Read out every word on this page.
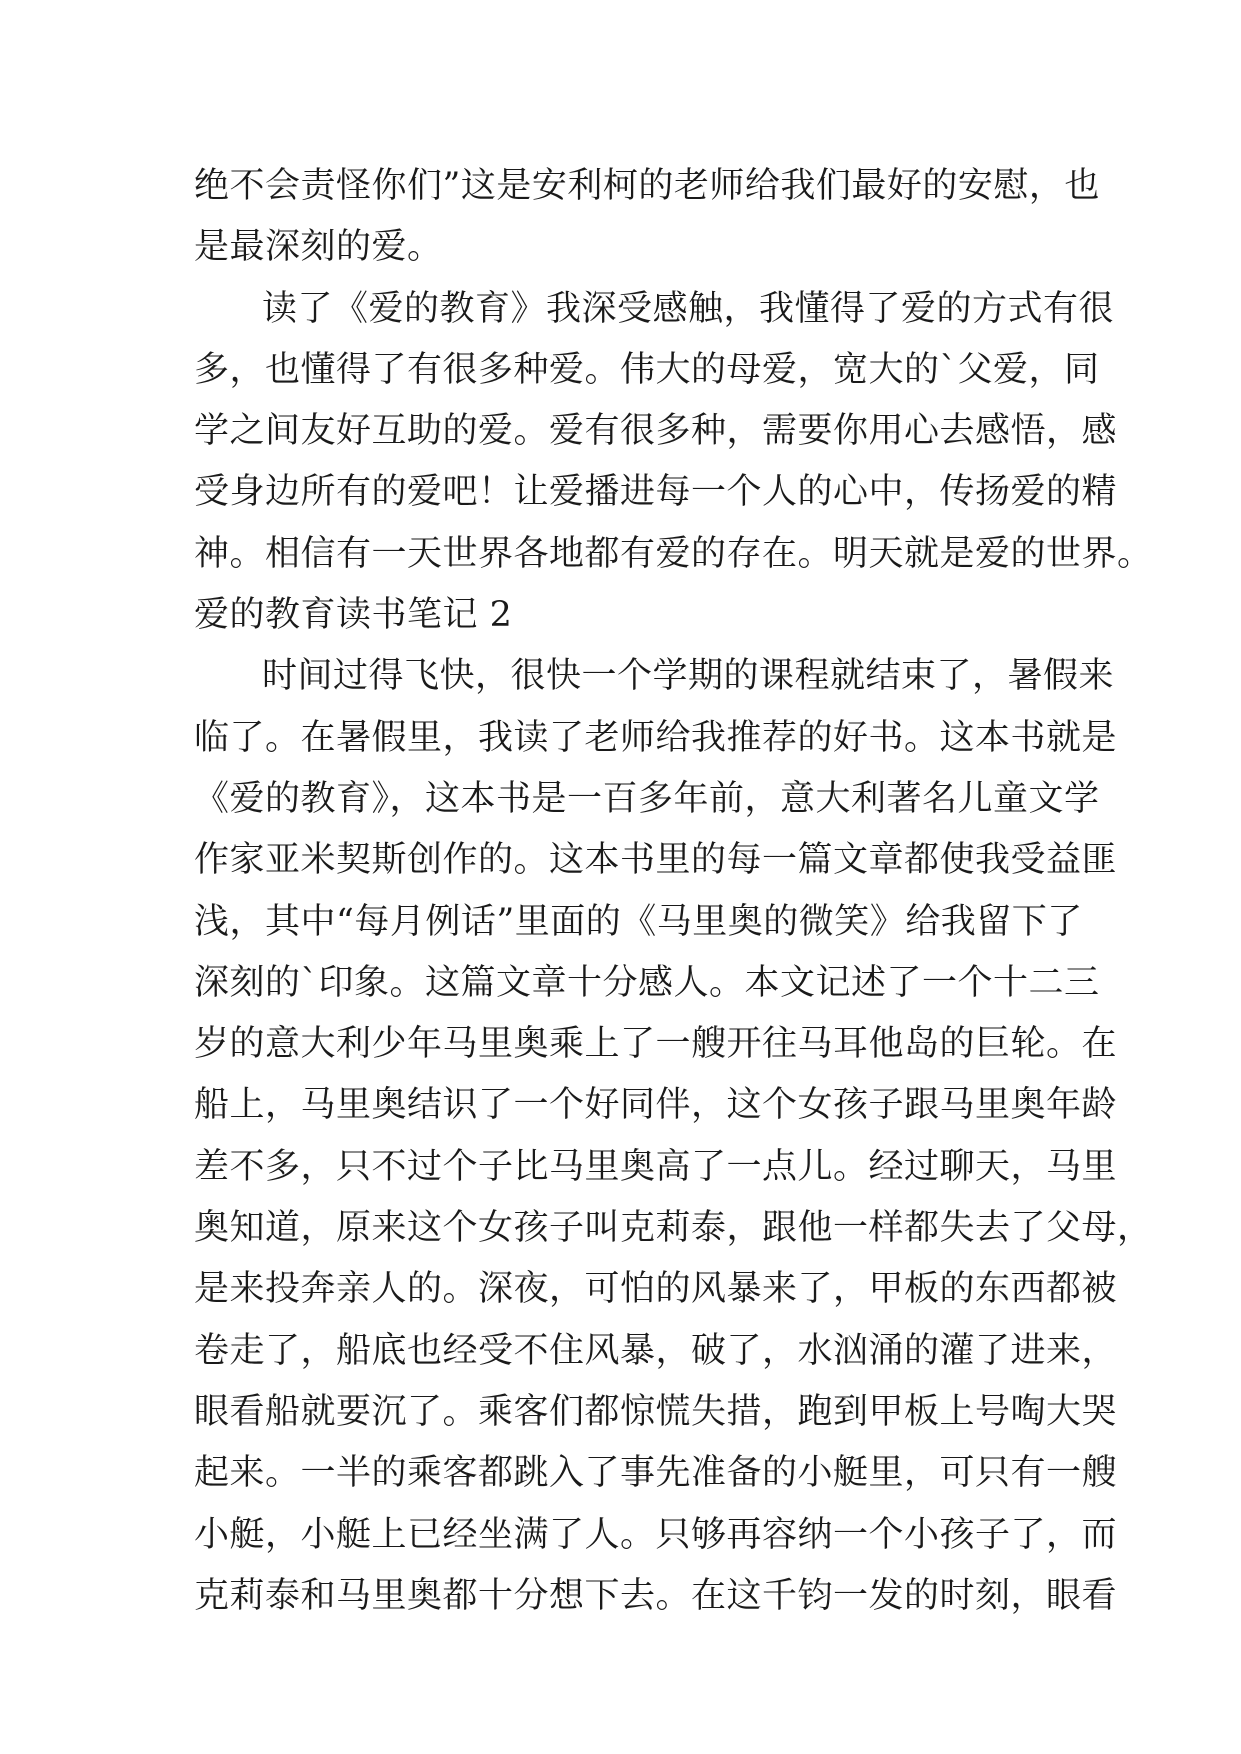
绝不会责怪你们”这是安利柯的老师给我们最好的安慰，也
是最深刻的爱。
读了《爱的教育》我深受感触，我懂得了爱的方式有很
多，也懂得了有很多种爱。伟大的母爱，宽大的`父爱，同
学之间友好互助的爱。爱有很多种，需要你用心去感悟，感
受身边所有的爱吧！让爱播进每一个人的心中，传扬爱的精
神。相信有一天世界各地都有爱的存在。明天就是爱的世界。
爱的教育读书笔记 2
时间过得飞快，很快一个学期的课程就结束了，暑假来
临了。在暑假里，我读了老师给我推荐的好书。这本书就是
《爱的教育》，这本书是一百多年前，意大利著名儿童文学
作家亚米契斯创作的。这本书里的每一篇文章都使我受益匪
浅，其中“每月例话”里面的《马里奥的微笑》给我留下了
深刻的`印象。这篇文章十分感人。本文记述了一个十二三
岁的意大利少年马里奥乘上了一艘开往马耳他岛的巨轮。在
船上，马里奥结识了一个好同伴，这个女孩子跟马里奥年龄
差不多，只不过个子比马里奥高了一点儿。经过聊天，马里
奥知道，原来这个女孩子叫克莉泰，跟他一样都失去了父母，
是来投奔亲人的。深夜，可怕的风暴来了，甲板的东西都被
卷走了，船底也经受不住风暴，破了，水汹涌的灌了进来，
眼看船就要沉了。乘客们都惊慌失措，跑到甲板上号啕大哭
起来。一半的乘客都跳入了事先准备的小艇里，可只有一艘
小艇，小艇上已经坐满了人。只够再容纳一个小孩子了，而
克莉泰和马里奥都十分想下去。在这千钧一发的时刻，眼看
